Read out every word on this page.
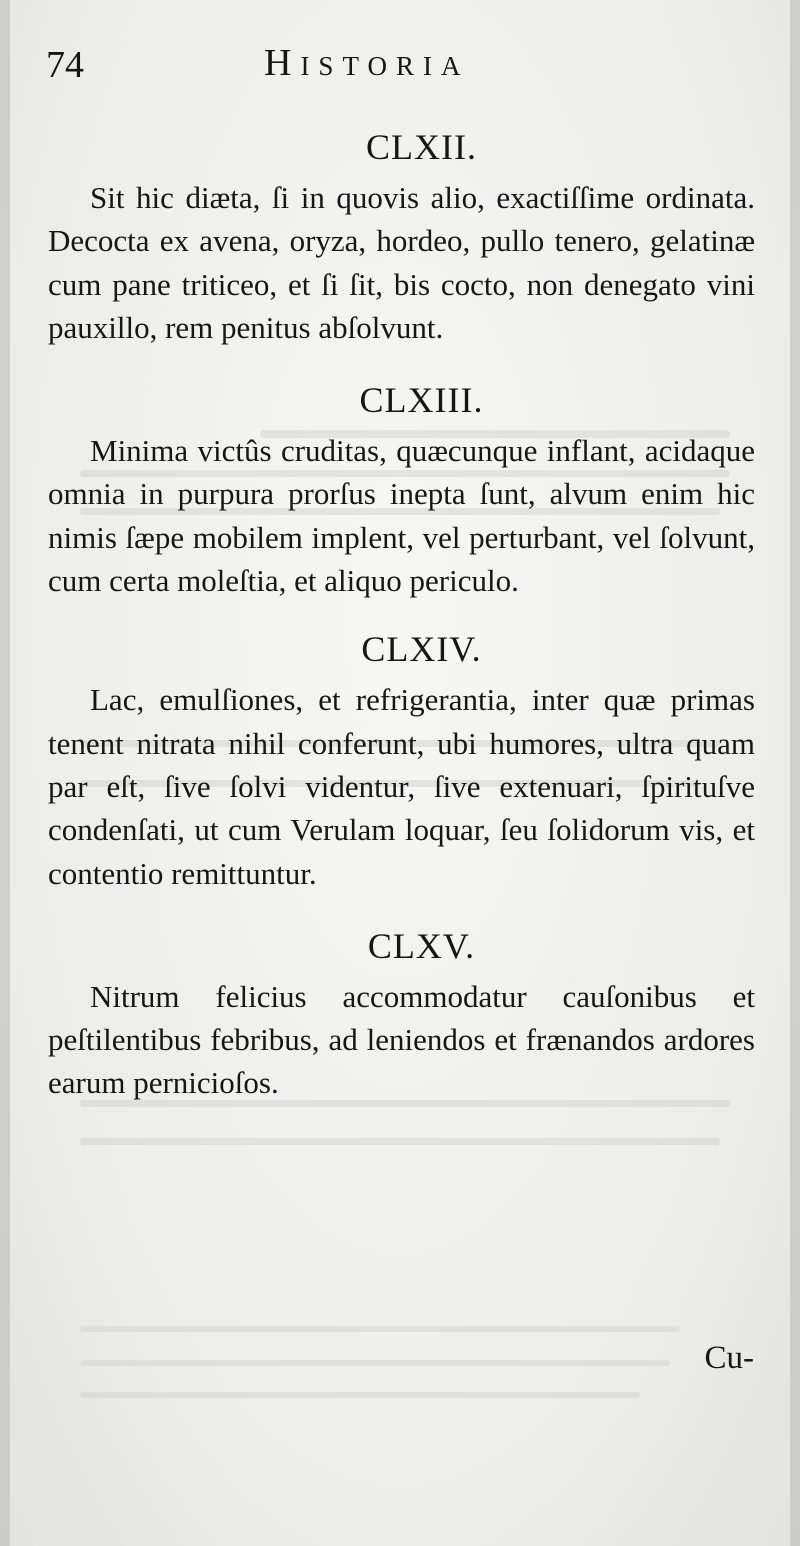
74	Historia
CLXII.

Sit hic diæta, ſi in quovis alio, exactiſſime ordinata. Decocta ex avena, oryza, hordeo, pullo tenero, gelatinæ cum pane triticeo, et ſi ſit, bis cocto, non denegato vini pauxillo, rem penitus abſolvunt.

CLXIII.

Minima victûs cruditas, quæcunque inflant, acidaque omnia in purpura prorſus inepta ſunt, alvum enim hic nimis ſæpe mobilem implent, vel perturbant, vel ſolvunt, cum certa moleſtia, et aliquo periculo.

CLXIV.

Lac, emulſiones, et refrigerantia, inter quæ primas tenent nitrata nihil conferunt, ubi humores, ultra quam par eſt, ſive ſolvi videntur, ſive extenuari, ſpirituſve condenſati, ut cum Verulam loquar, ſeu ſolidorum vis, et contentio remittuntur.

CLXV.

Nitrum felicius accommodatur cauſonibus et peſtilentibus febribus, ad leniendos et frænandos ardores earum pernicioſos.

Cu-
